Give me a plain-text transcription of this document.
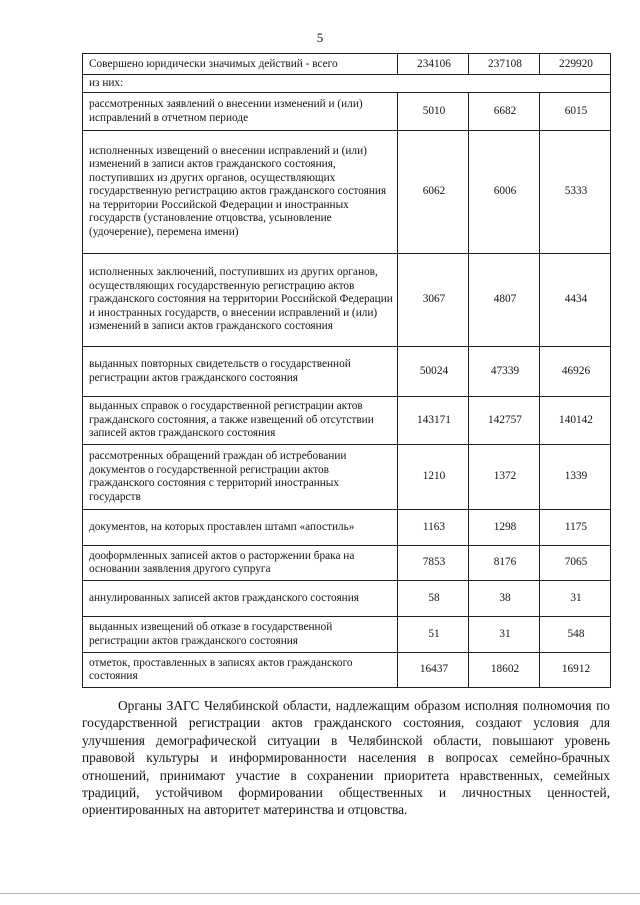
5
Совершено юридически значимых действий - всего	234106	237108	229920
из них:			
рассмотренных заявлений о внесении изменений и (или) исправлений в отчетном периоде	5010	6682	6015
исполненных извещений о внесении исправлений и (или) изменений в записи актов гражданского состояния, поступивших из других органов, осуществляющих государственную регистрацию актов гражданского состояния на территории Российской Федерации и иностранных государств (установление отцовства, усыновление (удочерение), перемена имени)	6062	6006	5333
исполненных заключений, поступивших из других органов, осуществляющих государственную регистрацию актов гражданского состояния на территории Российской Федерации и иностранных государств, о внесении исправлений и (или) изменений в записи актов гражданского состояния	3067	4807	4434
выданных повторных свидетельств о государственной регистрации актов гражданского состояния	50024	47339	46926
выданных справок о государственной регистрации актов гражданского состояния, а также извещений об отсутствии записей актов гражданского состояния	143171	142757	140142
рассмотренных обращений граждан об истребовании документов о государственной регистрации актов гражданского состояния с территорий иностранных государств	1210	1372	1339
документов, на которых проставлен штамп «апостиль»	1163	1298	1175
дооформленных записей актов о расторжении брака на основании заявления другого супруга	7853	8176	7065
аннулированных записей актов гражданского состояния	58	38	31
выданных извещений об отказе в государственной регистрации актов гражданского состояния	51	31	548
отметок, проставленных в записях актов гражданского состояния	16437	18602	16912

Органы ЗАГС Челябинской области, надлежащим образом исполняя полномочия по государственной регистрации актов гражданского состояния, создают условия для улучшения демографической ситуации в Челябинской области, повышают уровень правовой культуры и информированности населения в вопросах семейно-брачных отношений, принимают участие в сохранении приоритета нравственных, семейных традиций, устойчивом формировании общественных и личностных ценностей, ориентированных на авторитет материнства и отцовства.
